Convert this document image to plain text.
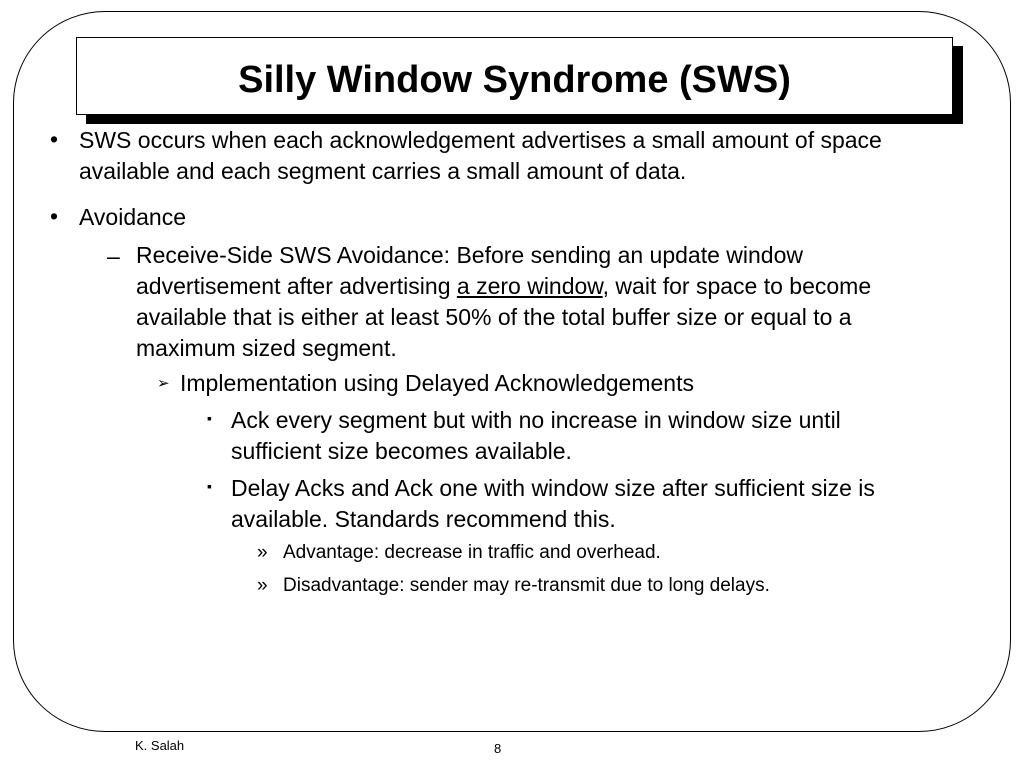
Silly Window Syndrome (SWS)
• SWS occurs when each acknowledgement advertises a small amount of space
available and each segment carries a small amount of data.
• Avoidance
– Receive-Side SWS Avoidance: Before sending an update window
advertisement after advertising a zero window, wait for space to become
available that is either at least 50% of the total buffer size or equal to a
maximum sized segment.
➢ Implementation using Delayed Acknowledgements
▪ Ack every segment but with no increase in window size until
sufficient size becomes available.
▪ Delay Acks and Ack one with window size after sufficient size is
available. Standards recommend this.
» Advantage: decrease in traffic and overhead.
» Disadvantage: sender may re-transmit due to long delays.
K. Salah	8
